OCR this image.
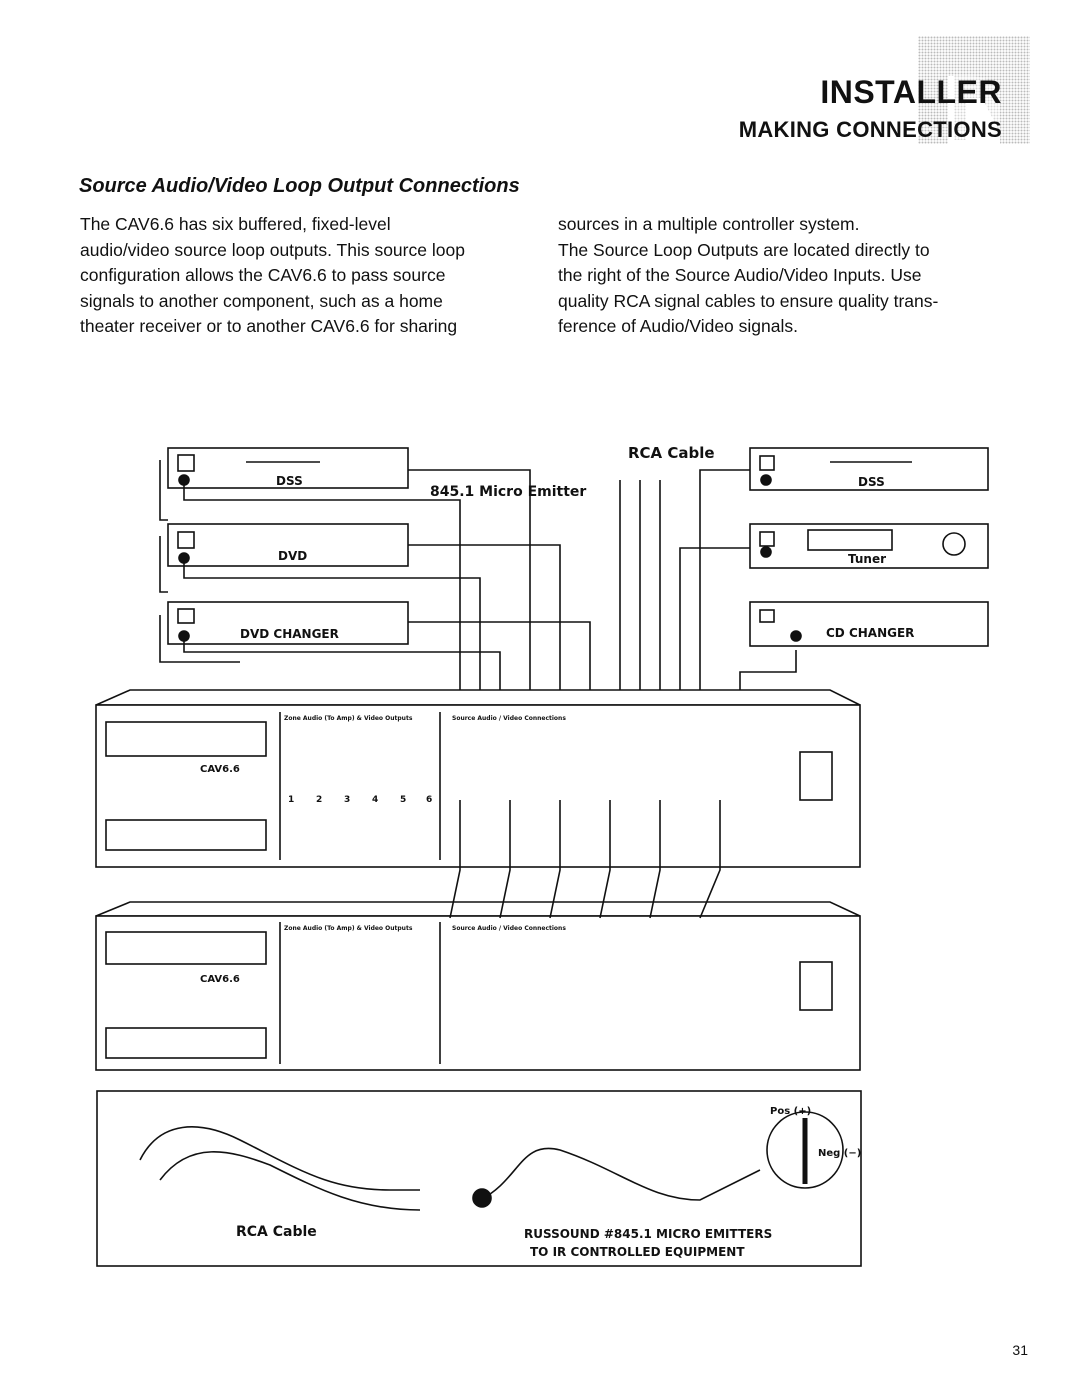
INSTALLER
MAKING CONNECTIONS
Source Audio/Video Loop Output Connections

The CAV6.6 has six buffered, fixed-level

audio/video source loop outputs. This source loop

configuration allows the CAV6.6 to pass source

signals to another component, such as a home

theater receiver or to another CAV6.6 for sharing

sources in a multiple controller system.

The Source Loop Outputs are located directly to

the right of the Source Audio/Video Inputs. Use

quality RCA signal cables to ensure quality trans-

ference of Audio/Video signals.

RCA Cable
845.1 Micro Emitter
DSS
DVD
DVD CHANGER
DSS
Tuner
CD CHANGER
CAV6.6
CAV6.6
Zone Audio (To Amp) & Video Outputs	Source Audio / Video Connections
Zone Audio (To Amp) & Video Outputs	Source Audio / Video Connections
RCA Cable	RUSSOUND #845.1 MICRO EMITTERS
TO IR CONTROLLED EQUIPMENT
Pos (+)
Neg (−)
1 2 3 4 5 6
31
